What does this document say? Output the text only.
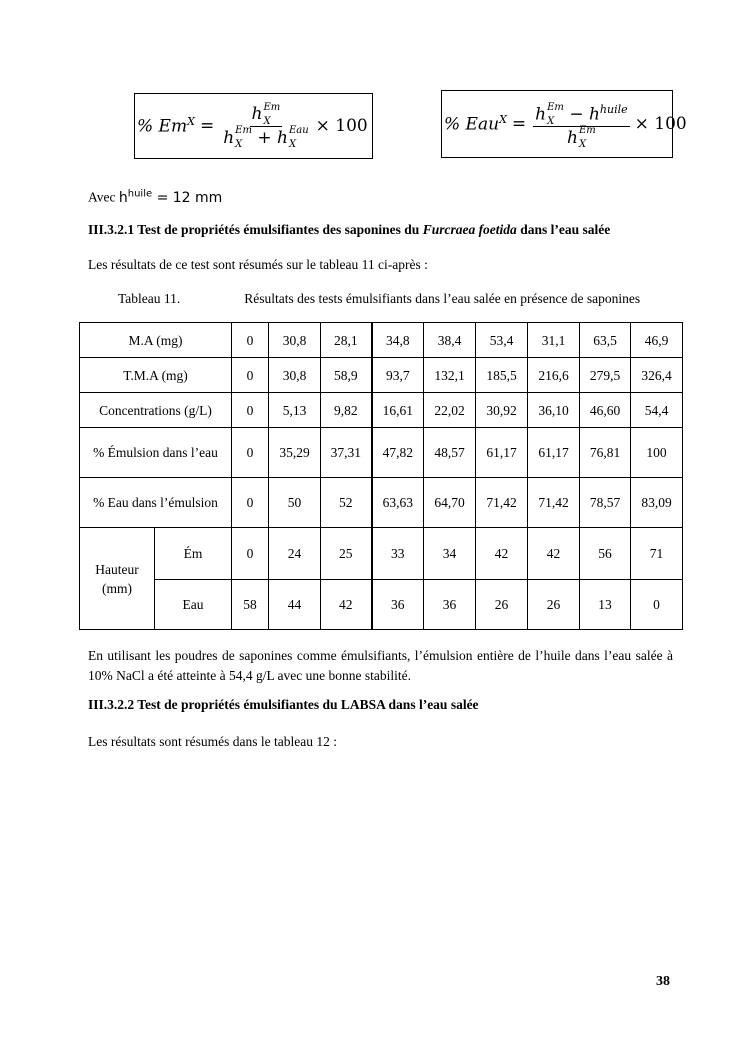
% $Em^X = h$ Em
X
h Em
X + h Eau
X × 100	% Eau$^X$ = h Em
$X - h^{huile}$
h Em
X × 100
Avec $h^{huile} = 12$ mm
III.3.2.1 Test de propriétés émulsifiantes des saponines du Furcraea foetida dans l’eau salée
Les résultats de ce test sont résumés sur le tableau 11 ci-après :
Tableau 11.	Résultats des tests émulsifiants dans l’eau salée en présence de saponines
M.A (mg)		0	30,8	28,1	34,8	38,4	53,4	31,1	63,5	46,9
T.M.A (mg)		0	30,8	58,9	93,7	132,1	185,5	216,6	279,5	326,4
Concentrations (g/L)		0	5,13	9,82	16,61	22,02	30,92	36,10	46,60	54,4
% Émulsion dans l’eau		0	35,29	37,31	47,82	48,57	61,17	61,17	76,81	100
% Eau dans l’émulsion		0	50	52	63,63	64,70	71,42	71,42	78,57	83,09
Hauteur (mm)	Ém	0	24	25	33	34	42	42	56	71
	Eau	58	44	42	36	36	26	26	13	0
En utilisant les poudres de saponines comme émulsifiants, l’émulsion entière de l’huile dans l’eau salée à 10% NaCl a été atteinte à 54,4 g/L avec une bonne stabilité.
III.3.2.2 Test de propriétés émulsifiantes du LABSA dans l’eau salée
Les résultats sont résumés dans le tableau 12 :
38
